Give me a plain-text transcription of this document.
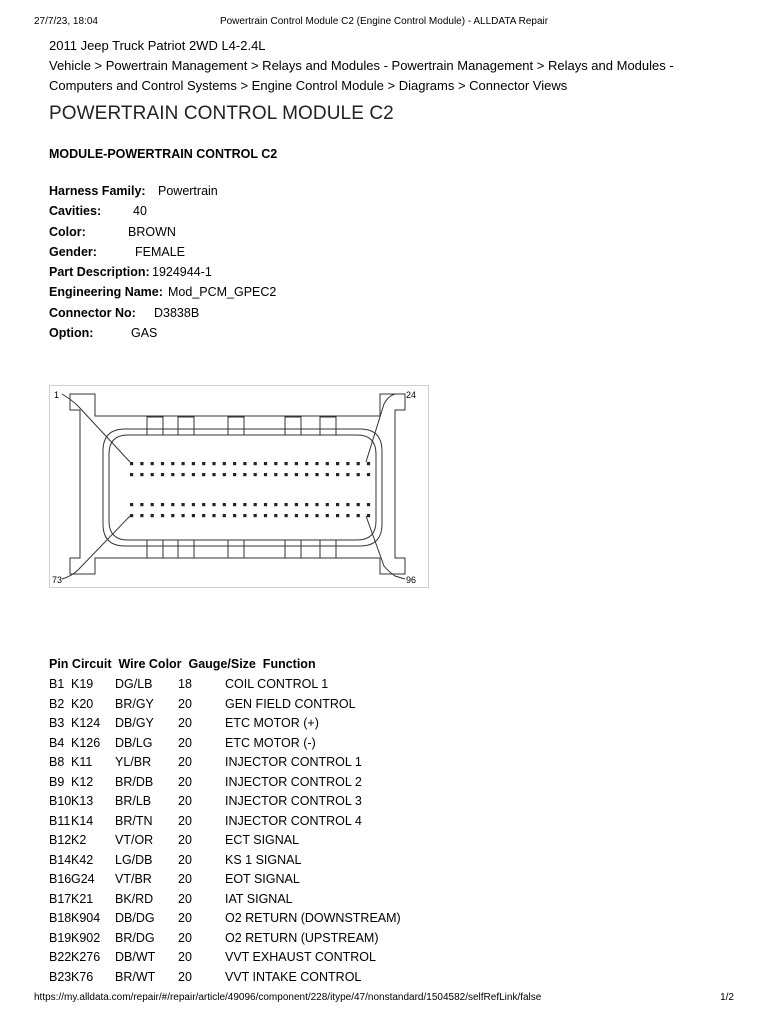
27/7/23, 18:04	Powertrain Control Module C2 (Engine Control Module) - ALLDATA Repair
2011 Jeep Truck Patriot 2WD L4-2.4L
Vehicle > Powertrain Management > Relays and Modules - Powertrain Management > Relays and Modules - Computers and Control Systems > Engine Control Module > Diagrams > Connector Views
POWERTRAIN CONTROL MODULE C2
MODULE-POWERTRAIN CONTROL C2
Harness Family: Powertrain
Cavities:	40
Color:	BROWN
Gender:	FEMALE
Part Description: 1924944-1
Engineering Name: Mod_PCM_GPEC2
Connector No: D3838B
Option:	GAS
1	24
73	96
Pin Circuit  Wire Color  Gauge/Size  Function
B1 K19 DG/LB 18	COIL CONTROL 1
B2 K20 BR/GY 20	GEN FIELD CONTROL
B3 K124 DB/GY 20	ETC MOTOR (+)
B4 K126 DB/LG 20	ETC MOTOR (-)
B8 K11 YL/BR 20	INJECTOR CONTROL 1
B9 K12 BR/DB 20	INJECTOR CONTROL 2
B10 K13 BR/LB 20	INJECTOR CONTROL 3
B11 K14 BR/TN 20	INJECTOR CONTROL 4
B12 K2 VT/OR 20	ECT SIGNAL
B14 K42 LG/DB 20	KS 1 SIGNAL
B16 G24 VT/BR 20	EOT SIGNAL
B17 K21 BK/RD 20	IAT SIGNAL
B18 K904 DB/DG 20	O2 RETURN (DOWNSTREAM)
B19 K902 BR/DG 20	O2 RETURN (UPSTREAM)
B22 K276 DB/WT 20	VVT EXHAUST CONTROL
B23 K76 BR/WT 20	VVT INTAKE CONTROL
https://my.alldata.com/repair/#/repair/article/49096/component/228/itype/47/nonstandard/1504582/selfRefLink/false	1/2
